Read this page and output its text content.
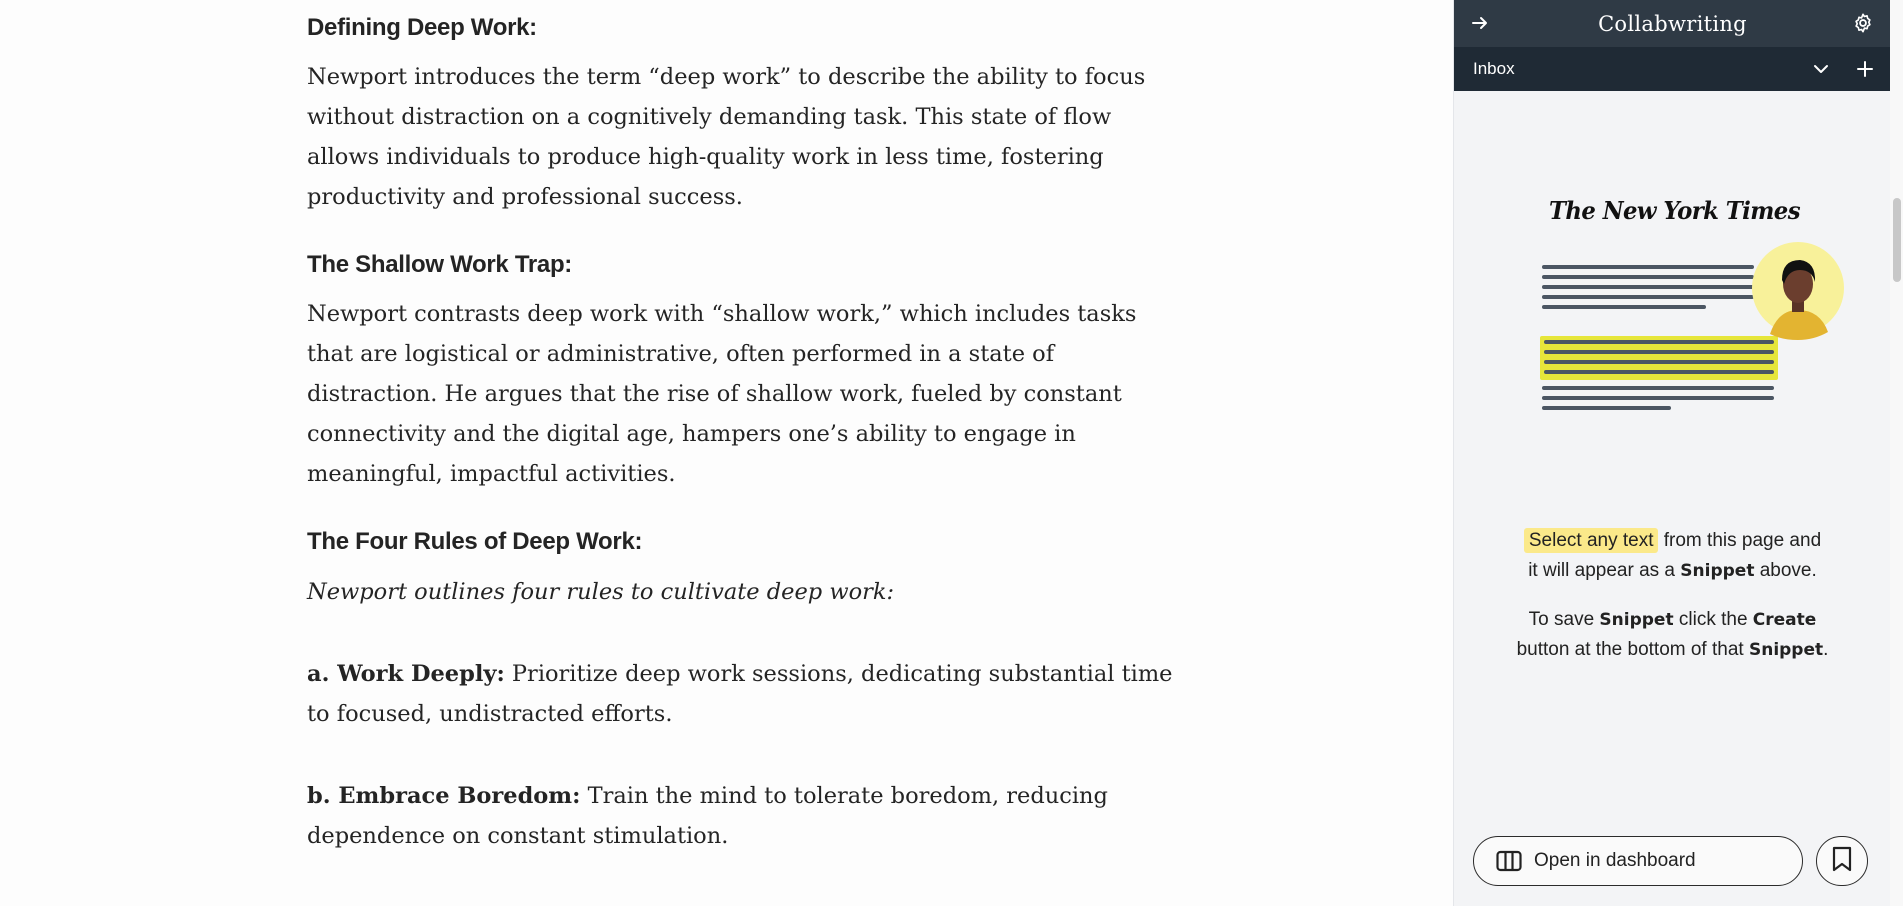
Defining Deep Work:

Newport introduces the term “deep work” to describe the ability to focus without distraction on a cognitively demanding task. This state of flow allows individuals to produce high-quality work in less time, fostering productivity and professional success.

The Shallow Work Trap:

Newport contrasts deep work with “shallow work,” which includes tasks that are logistical or administrative, often performed in a state of distraction. He argues that the rise of shallow work, fueled by constant connectivity and the digital age, hampers one’s ability to engage in meaningful, impactful activities.

The Four Rules of Deep Work:

Newport outlines four rules to cultivate deep work:

a. Work Deeply: Prioritize deep work sessions, dedicating substantial time to focused, undistracted efforts.

b. Embrace Boredom: Train the mind to tolerate boredom, reducing dependence on constant stimulation.

Collabwriting
Inbox
The New York Times
Select any text from this page and
it will appear as a Snippet above.
To save Snippet click the Create
button at the bottom of that Snippet.
Open in dashboard
